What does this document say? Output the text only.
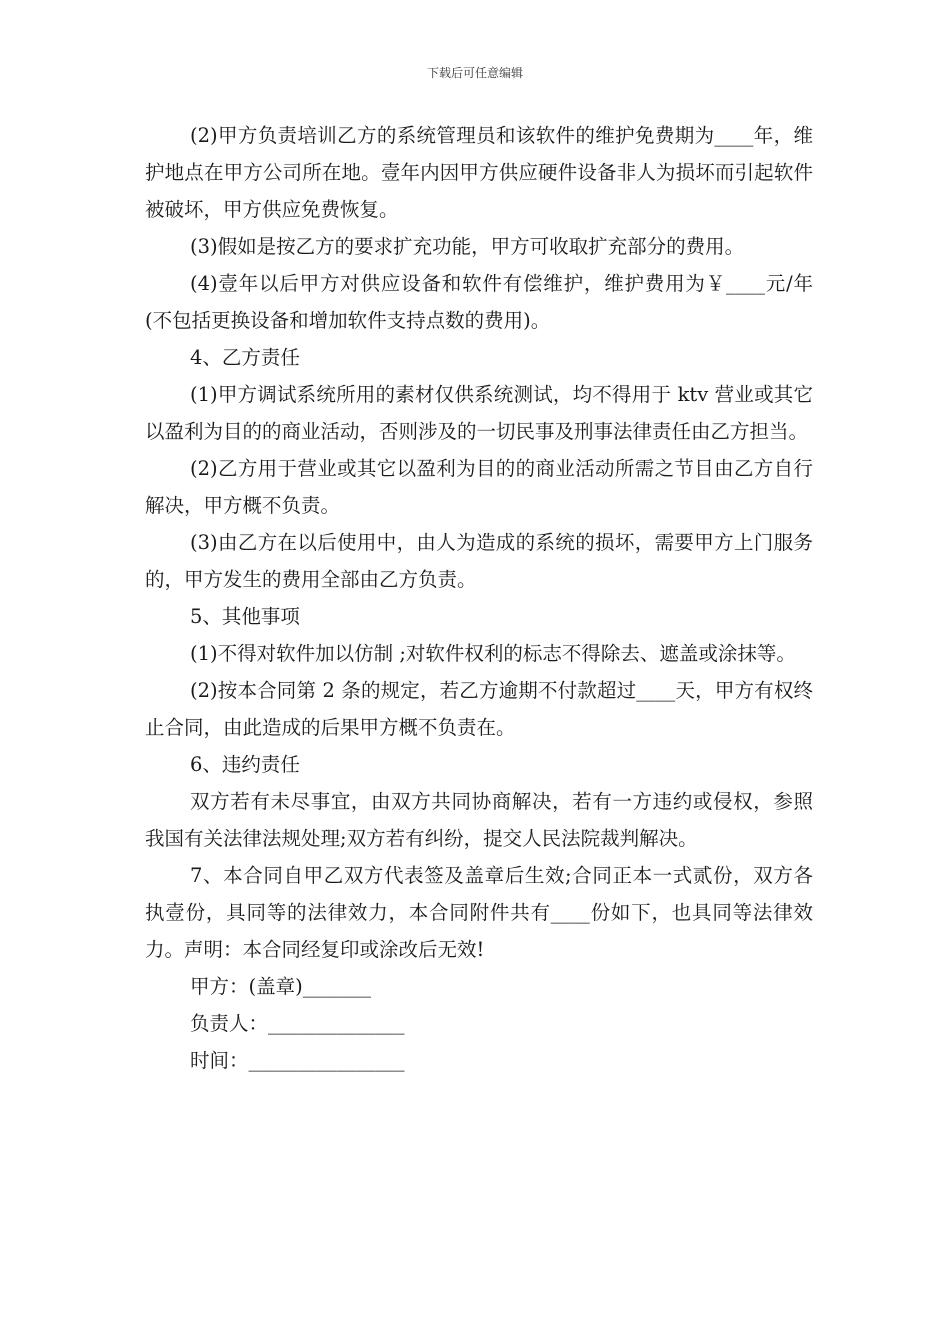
下载后可任意编辑

(2)甲方负责培训乙方的系统管理员和该软件的维护免费期为____年，维护地点在甲方公司所在地。壹年内因甲方供应硬件设备非人为损坏而引起软件被破坏，甲方供应免费恢复。

(3)假如是按乙方的要求扩充功能，甲方可收取扩充部分的费用。

(4)壹年以后甲方对供应设备和软件有偿维护，维护费用为￥____元/年(不包括更换设备和增加软件支持点数的费用)。

4、乙方责任

(1)甲方调试系统所用的素材仅供系统测试，均不得用于 ktv 营业或其它以盈利为目的的商业活动，否则涉及的一切民事及刑事法律责任由乙方担当。

(2)乙方用于营业或其它以盈利为目的的商业活动所需之节目由乙方自行解决，甲方概不负责。

(3)由乙方在以后使用中，由人为造成的系统的损坏，需要甲方上门服务的，甲方发生的费用全部由乙方负责。

5、其他事项

(1)不得对软件加以仿制 ;对软件权利的标志不得除去、遮盖或涂抹等。

(2)按本合同第 2 条的规定，若乙方逾期不付款超过____天，甲方有权终止合同，由此造成的后果甲方概不负责在。

6、违约责任

双方若有未尽事宜，由双方共同协商解决，若有一方违约或侵权，参照我国有关法律法规处理;双方若有纠纷，提交人民法院裁判解决。

7、本合同自甲乙双方代表签及盖章后生效;合同正本一式贰份，双方各执壹份，具同等的法律效力，本合同附件共有____份如下，也具同等法律效力。声明：本合同经复印或涂改后无效!

甲方：(盖章)_______

负责人：______________

时间：________________
